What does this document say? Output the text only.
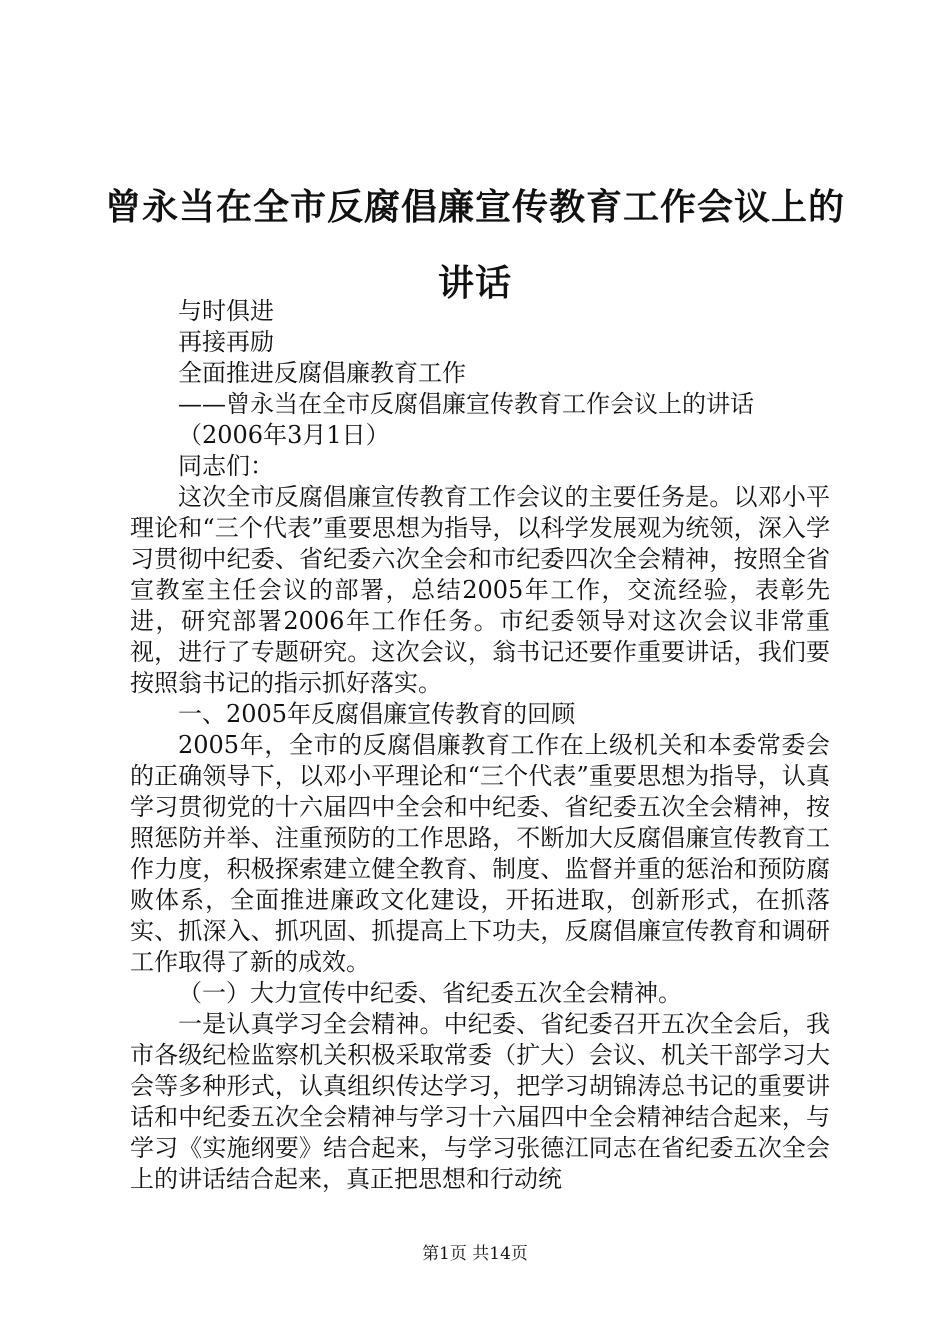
曾永当在全市反腐倡廉宣传教育工作会议上的
讲话
与时俱进
再接再励
全面推进反腐倡廉教育工作
——曾永当在全市反腐倡廉宣传教育工作会议上的讲话
（2006年3月1日）
同志们：

这次全市反腐倡廉宣传教育工作会议的主要任务是。以邓小平理论和“三个代表”重要思想为指导，以科学发展观为统领，深入学习贯彻中纪委、省纪委六次全会和市纪委四次全会精神，按照全省宣教室主任会议的部署，总结2005年工作，交流经验，表彰先进，研究部署2006年工作任务。市纪委领导对这次会议非常重视，进行了专题研究。这次会议，翁书记还要作重要讲话，我们要按照翁书记的指示抓好落实。

一、2005年反腐倡廉宣传教育的回顾

2005年，全市的反腐倡廉教育工作在上级机关和本委常委会的正确领导下，以邓小平理论和“三个代表”重要思想为指导，认真学习贯彻党的十六届四中全会和中纪委、省纪委五次全会精神，按照惩防并举、注重预防的工作思路，不断加大反腐倡廉宣传教育工作力度，积极探索建立健全教育、制度、监督并重的惩治和预防腐败体系，全面推进廉政文化建设，开拓进取，创新形式，在抓落实、抓深入、抓巩固、抓提高上下功夫，反腐倡廉宣传教育和调研工作取得了新的成效。

（一）大力宣传中纪委、省纪委五次全会精神。

一是认真学习全会精神。中纪委、省纪委召开五次全会后，我市各级纪检监察机关积极采取常委（扩大）会议、机关干部学习大会等多种形式，认真组织传达学习，把学习胡锦涛总书记的重要讲话和中纪委五次全会精神与学习十六届四中全会精神结合起来，与学习《实施纲要》结合起来，与学习张德江同志在省纪委五次全会上的讲话结合起来，真正把思想和行动统

第1页 共14页
